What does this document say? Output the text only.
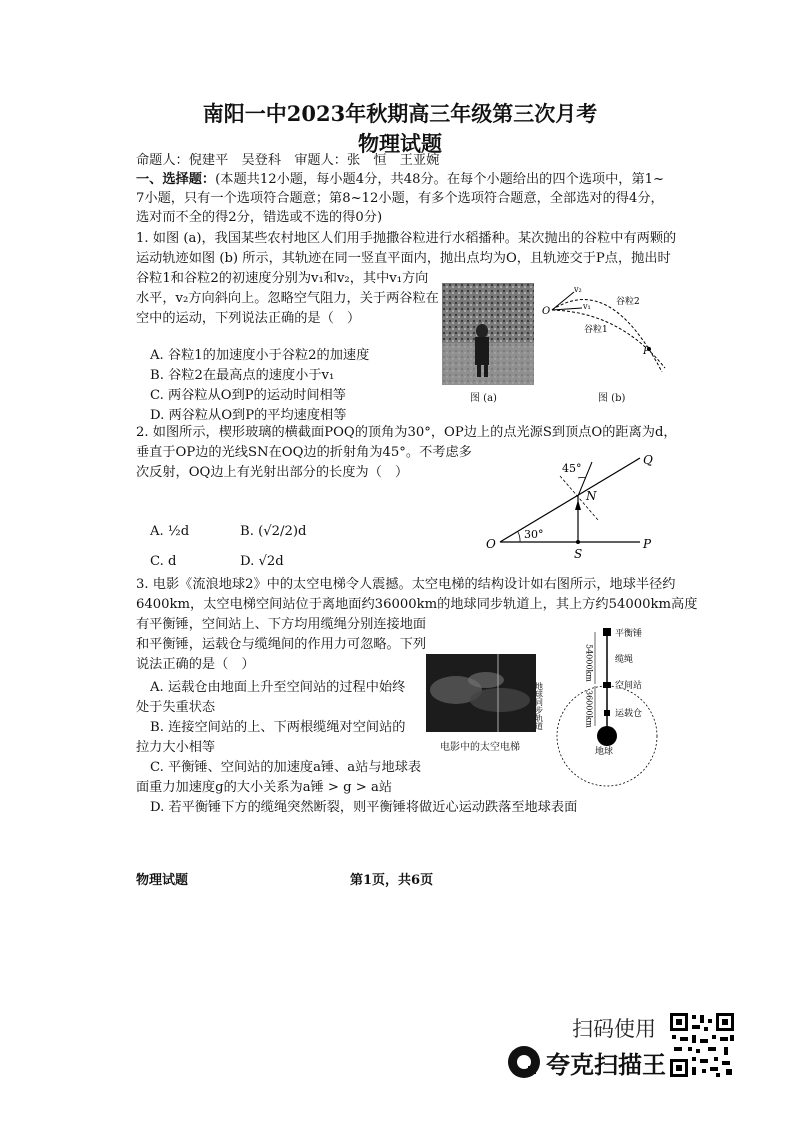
南阳一中2023年秋期高三年级第三次月考
物理试题
命题人：倪建平　吴登科　审题人：张　恒　王亚婉
一、选择题：(本题共12小题，每小题4分，共48分。在每个小题给出的四个选项中，第1~
7小题，只有一个选项符合题意；第8~12小题，有多个选项符合题意，全部选对的得4分，
选对而不全的得2分，错选或不选的得0分)
1. 如图 (a)，我国某些农村地区人们用手抛撒谷粒进行水稻播种。某次抛出的谷粒中有两颗的
运动轨迹如图 (b) 所示，其轨迹在同一竖直平面内，抛出点均为O，且轨迹交于P点，抛出时
谷粒1和谷粒2的初速度分别为v₁和v₂，其中v₁方向
水平，v₂方向斜向上。忽略空气阻力，关于两谷粒在
空中的运动，下列说法正确的是（　）
A. 谷粒1的加速度小于谷粒2的加速度
B. 谷粒2在最高点的速度小于v₁
C. 两谷粒从O到P的运动时间相等
D. 两谷粒从O到P的平均速度相等
图 (a)
O
P
v₂
v₁	谷粒2
谷粒1
图 (b)
2. 如图所示，楔形玻璃的横截面POQ的顶角为30°，OP边上的点光源S到顶点O的距离为d，
垂直于OP边的光线SN在OQ边的折射角为45°。不考虑多
次反射，OQ边上有光射出部分的长度为（　）
A. ½d	B. (√2/2)d
C. d	D. √2d
45°
30°
O	P
Q
N
S
3. 电影《流浪地球2》中的太空电梯令人震撼。太空电梯的结构设计如右图所示，地球半径约
6400km，太空电梯空间站位于离地面约36000km的地球同步轨道上，其上方约54000km高度
有平衡锤，空间站上、下方均用缆绳分别连接地面
和平衡锤，运载仓与缆绳间的作用力可忽略。下列
说法正确的是（　）
A. 运载仓由地面上升至空间站的过程中始终
处于失重状态
B. 连接空间站的上、下两根缆绳对空间站的
拉力大小相等
C. 平衡锤、空间站的加速度a锤、a站与地球表
面重力加速度g的大小关系为a锤 > g > a站
D. 若平衡锤下方的缆绳突然断裂，则平衡锤将做近心运动跌落至地球表面
电影中的太空电梯
平衡锤
缆绳
空间站
运载仓
地球
地球同步轨道
54000km
36000km
物理试题	第1页，共6页
扫码使用
夸克扫描王
